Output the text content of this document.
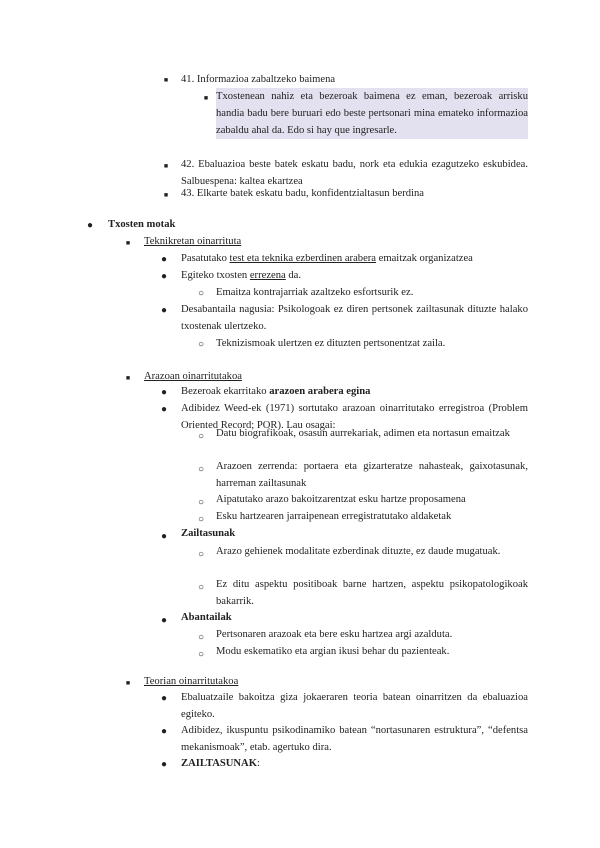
■	41. Informazioa zabaltzeko baimena
■ Txostenean nahiz eta bezeroak baimena ez eman, bezeroak arrisku handia badu bere buruari edo beste pertsonari mina emateko informazioa zabaldu ahal da. Edo si hay que ingresarle.
■	42. Ebaluazioa beste batek eskatu badu, nork eta edukia ezagutzeko eskubidea. Salbuespena: kaltea ekartzea
■	43. Elkarte batek eskatu badu, konfidentzialtasun berdina
●	Txosten motak
■	Teknikretan oinarrituta
●	Pasatutako test eta teknika ezberdinen arabera emaitzak organizatzea
●	Egiteko txosten errezena da.
○	Emaitza kontrajarriak azaltzeko esfortsurik ez.
●	Desabantaila nagusia: Psikologoak ez diren pertsonek zailtasunak dituzte halako txostenak ulertzeko.
○	Teknizismoak ulertzen ez dituzten pertsonentzat zaila.
■	Arazoan oinarritutakoa
●	Bezeroak ekarritako arazoen arabera egina
●	Adibidez Weed-ek (1971) sortutako arazoan oinarritutako erregistroa (Problem Oriented Record; POR). Lau osagai:
○	Datu biografikoak, osasun aurrekariak, adimen eta nortasun emaitzak
○	Arazoen zerrenda: portaera eta gizarteratze nahasteak, gaixotasunak, harreman zailtasunak
○	Aipatutako arazo bakoitzarentzat esku hartze proposamena
○	Esku hartzearen jarraipenean erregistratutako aldaketak
●	Zailtasunak
○	Arazo gehienek modalitate ezberdinak dituzte, ez daude mugatuak.
○	Ez ditu aspektu positiboak barne hartzen, aspektu psikopatologikoak bakarrik.
●	Abantailak
○	Pertsonaren arazoak eta bere esku hartzea argi azalduta.
○	Modu eskematiko eta argian ikusi behar du pazienteak.
■	Teorian oinarritutakoa
●	Ebaluatzaile bakoitza giza jokaeraren teoria batean oinarritzen da ebaluazioa egiteko.
●	Adibidez, ikuspuntu psikodinamiko batean “nortasunaren estruktura”, “defentsa mekanismoak”, etab. agertuko dira.
●	ZAILTASUNAK:
